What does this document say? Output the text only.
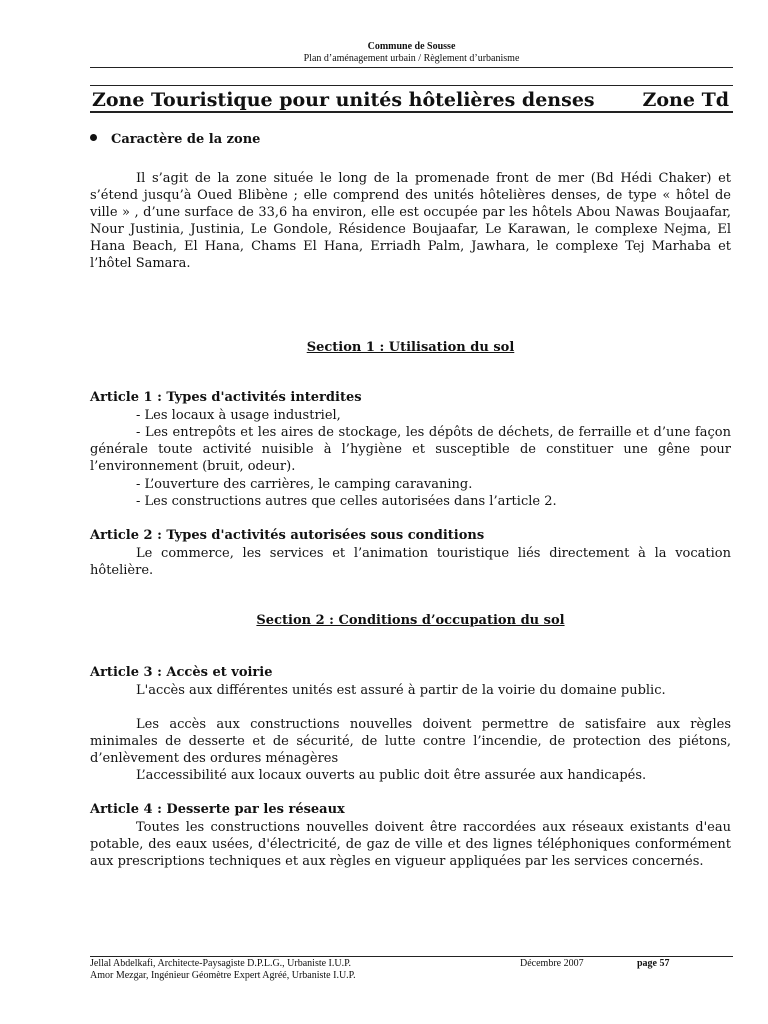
Commune de Sousse
Plan d’aménagement urbain / Règlement d’urbanisme
Zone Touristique pour unités hôtelières denses	Zone Td
Caractère de la zone

Il s’agit de la zone située le long de la promenade front de mer (Bd Hédi Chaker) et s’étend jusqu’à Oued Blibène ; elle comprend des unités hôtelières denses, de type « hôtel de ville » , d’une surface de 33,6 ha environ, elle est occupée par les hôtels Abou Nawas Boujaafar, Nour Justinia, Justinia, Le Gondole, Résidence Boujaafar, Le Karawan, le complexe Nejma, El Hana Beach, El Hana, Chams El Hana, Erriadh Palm, Jawhara, le complexe Tej Marhaba et l’hôtel Samara.

Section 1 : Utilisation du sol
Article 1 : Types d'activités interdites

- Les locaux à usage industriel,

- Les entrepôts et les aires de stockage, les dépôts de déchets, de ferraille et d’une façon générale toute activité nuisible à l’hygiène et susceptible de constituer une gêne pour l’environnement (bruit, odeur).

- L’ouverture des carrières, le camping caravaning.

- Les constructions autres que celles autorisées dans l’article 2.

Article 2 : Types d'activités autorisées sous conditions

Le commerce, les services et l’animation touristique liés directement à la vocation hôtelière.

Section 2 : Conditions d’occupation du sol
Article 3 : Accès et voirie

L'accès aux différentes unités est assuré à partir de la voirie du domaine public.

Les accès aux constructions nouvelles doivent permettre de satisfaire aux règles minimales de desserte et de sécurité, de lutte contre l’incendie, de protection des piétons, d’enlèvement des ordures ménagères

L’accessibilité aux locaux ouverts au public doit être assurée aux handicapés.

Article 4 : Desserte par les réseaux

Toutes les constructions nouvelles doivent être raccordées aux réseaux existants d'eau potable, des eaux usées, d'électricité, de gaz de ville et des lignes téléphoniques conformément aux prescriptions techniques et aux règles en vigueur appliquées par les services concernés.

Jellal Abdelkafi, Architecte-Paysagiste D.P.L.G., Urbaniste I.U.P.
Amor Mezgar, Ingénieur Géomètre Expert Agréé, Urbaniste I.U.P.
Décembre 2007	page 57
